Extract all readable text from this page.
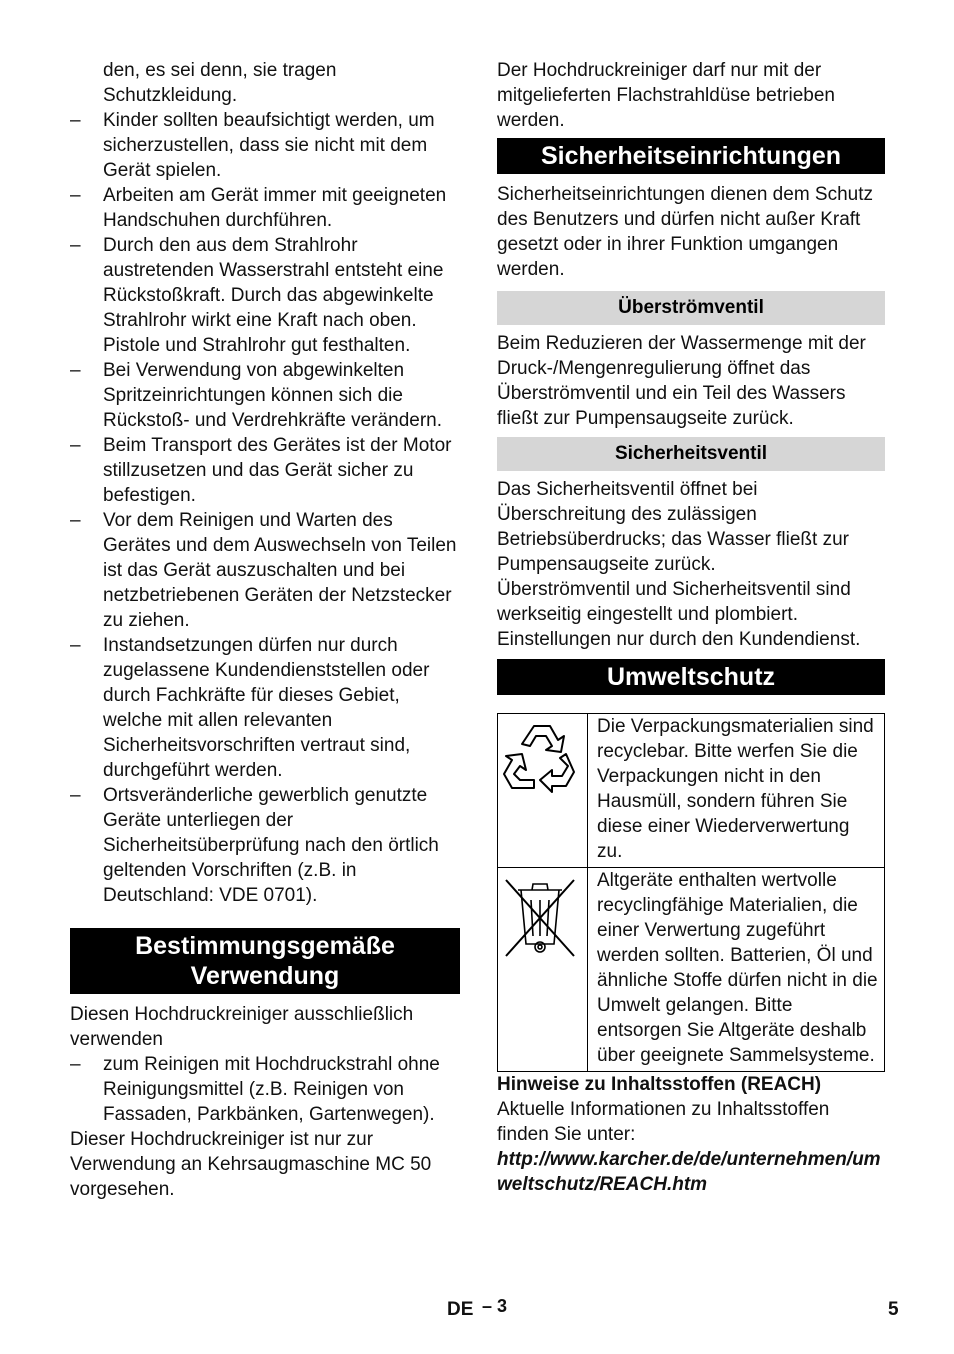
den, es sei denn, sie tragen Schutzkleidung.

– Kinder sollten beaufsichtigt werden, um sicherzustellen, dass sie nicht mit dem Gerät spielen.

– Arbeiten am Gerät immer mit geeigneten Handschuhen durchführen.

– Durch den aus dem Strahlrohr austretenden Wasserstrahl entsteht eine Rückstoßkraft. Durch das abgewinkelte Strahlrohr wirkt eine Kraft nach oben. Pistole und Strahlrohr gut festhalten.

– Bei Verwendung von abgewinkelten Spritzeinrichtungen können sich die Rückstoß- und Verdrehkräfte verändern.

– Beim Transport des Gerätes ist der Motor stillzusetzen und das Gerät sicher zu befestigen.

– Vor dem Reinigen und Warten des Gerätes und dem Auswechseln von Teilen ist das Gerät auszuschalten und bei netzbetriebenen Geräten der Netzstecker zu ziehen.

– Instandsetzungen dürfen nur durch zugelassene Kundendienststellen oder durch Fachkräfte für dieses Gebiet, welche mit allen relevanten Sicherheitsvorschriften vertraut sind, durchgeführt werden.

– Ortsveränderliche gewerblich genutzte Geräte unterliegen der Sicherheitsüberprüfung nach den örtlich geltenden Vorschriften (z.B. in Deutschland: VDE 0701).

Bestimmungsgemäße Verwendung

Diesen Hochdruckreiniger ausschließlich verwenden

– zum Reinigen mit Hochdruckstrahl ohne Reinigungsmittel (z.B. Reinigen von Fassaden, Parkbänken, Gartenwegen).

Dieser Hochdruckreiniger ist nur zur Verwendung an Kehrsaugmaschine MC 50 vorgesehen.

Der Hochdruckreiniger darf nur mit der mitgelieferten Flachstrahldüse betrieben werden.

Sicherheitseinrichtungen

Sicherheitseinrichtungen dienen dem Schutz des Benutzers und dürfen nicht außer Kraft gesetzt oder in ihrer Funktion umgangen werden.

Überströmventil

Beim Reduzieren der Wassermenge mit der Druck-/Mengenregulierung öffnet das Überströmventil und ein Teil des Wassers fließt zur Pumpensaugseite zurück.

Sicherheitsventil

Das Sicherheitsventil öffnet bei Überschreitung des zulässigen Betriebsüberdrucks; das Wasser fließt zur Pumpensaugseite zurück.

Überströmventil und Sicherheitsventil sind werkseitig eingestellt und plombiert. Einstellungen nur durch den Kundendienst.

Umweltschutz
	Die Verpackungsmaterialien sind recyclebar. Bitte werfen Sie die Verpackungen nicht in den Hausmüll, sondern führen Sie diese einer Wiederverwertung zu.
	Altgeräte enthalten wertvolle recyclingfähige Materialien, die einer Verwertung zugeführt werden sollten. Batterien, Öl und ähnliche Stoffe dürfen nicht in die Umwelt gelangen. Bitte entsorgen Sie Altgeräte deshalb über geeignete Sammelsysteme.

Hinweise zu Inhaltsstoffen (REACH)

Aktuelle Informationen zu Inhaltsstoffen finden Sie unter:

http://www.karcher.de/de/unternehmen/umweltschutz/REACH.htm

DE – 3	5
